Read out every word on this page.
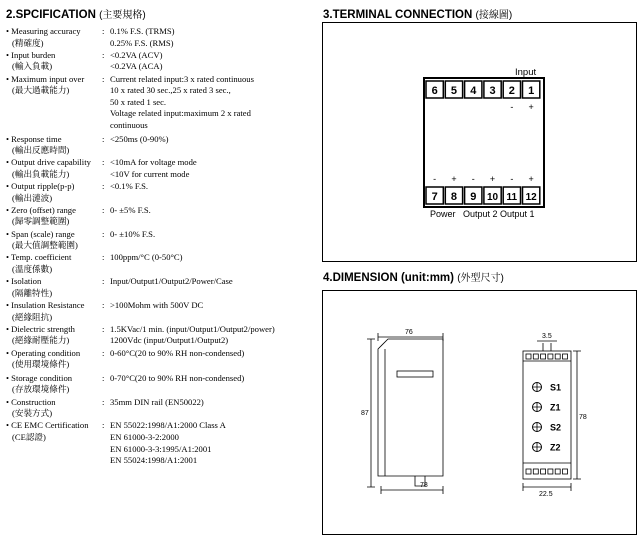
2.SPCIFICATION (主要規格)
• Measuring accuracy
(精確度)
: 0.1% F.S. (TRMS)
0.25% F.S. (RMS)
• Input burden
(輸入負載)
: <0.2VA (ACV)
<0.2VA (ACA)
• Maximum input over
(最大過載能力)
: Current related input:3 x rated continuous
10 x rated 30 sec.,25 x rated 3 sec.,
50 x rated 1 sec.
Voltage related input:maximum 2 x rated
continuous
• Response time
(輸出反應時間)
: <250ms (0-90%)
• Output drive capability
(輸出負載能力)
: <10mA for voltage mode
<10V for current mode
• Output ripple(p-p)
(輸出漣波)
: <0.1% F.S.
• Zero (offset) range
(歸零調整範圍)
: 0- ±5% F.S.
• Span (scale) range
(最大值調整範圍)
: 0- ±10% F.S.
• Temp. coefficient
(溫度係數)
: 100ppm/°C (0-50°C)
• Isolation
(隔離特性)
: Input/Output1/Output2/Power/Case
• Insulation Resistance
(絕緣阻抗)
: >100Mohm with 500V DC
• Dielectric strength
(絕緣耐壓能力)
: 1.5KVac/1 min. (input/Output1/Output2/power)
1200Vdc (input/Output1/Output2)
• Operating condition
(使用環境條件)
: 0-60°C(20 to 90% RH non-condensed)
• Storage condition
(存放環境條件)
: 0-70°C(20 to 90% RH non-condensed)
• Construction
(安裝方式)
: 35mm DIN rail (EN50022)
• CE EMC Certification
(CE認證)
: EN 55022:1998/A1:2000 Class A
EN 61000-3-2:2000
EN 61000-3-3:1995/A1:2001
EN 55024:1998/A1:2001
3.TERMINAL CONNECTION (接線圖)
Input
6 5 4 3 2 1
- +
7 8 9 10 11 12
- + - + - +
Power Output 2 Output 1
4.DIMENSION (unit:mm) (外型尺寸)
S1
Z1
S2
Z2
76
87
78
3.5
78
22.5
